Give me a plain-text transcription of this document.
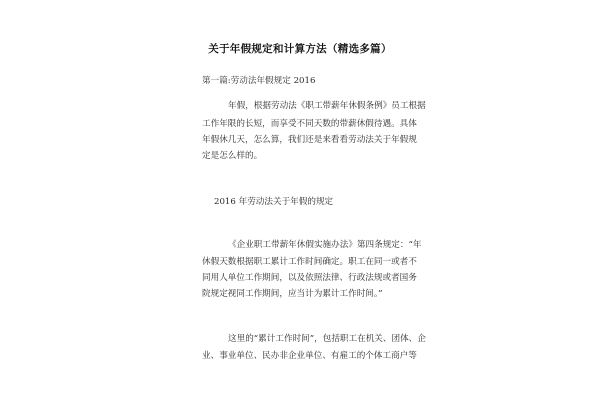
关于年假规定和计算方法（精选多篇）
第一篇:劳动法年假规定 2016
年假，根据劳动法《职工带薪年休假条例》员工根据
工作年限的长短，而享受不同天数的带薪休假待遇。具体
年假休几天，怎么算，我们还是来看看劳动法关于年假规
定是怎么样的。
2016 年劳动法关于年假的规定
《企业职工带薪年休假实施办法》第四条规定：“年
休假天数根据职工累计工作时间确定。职工在同一或者不
同用人单位工作期间，以及依照法律、行政法规或者国务
院规定视同工作期间，应当计为累计工作时间。”
这里的“累计工作时间”，包括职工在机关、团体、企
业、事业单位、民办非企业单位、有雇工的个体工商户等
